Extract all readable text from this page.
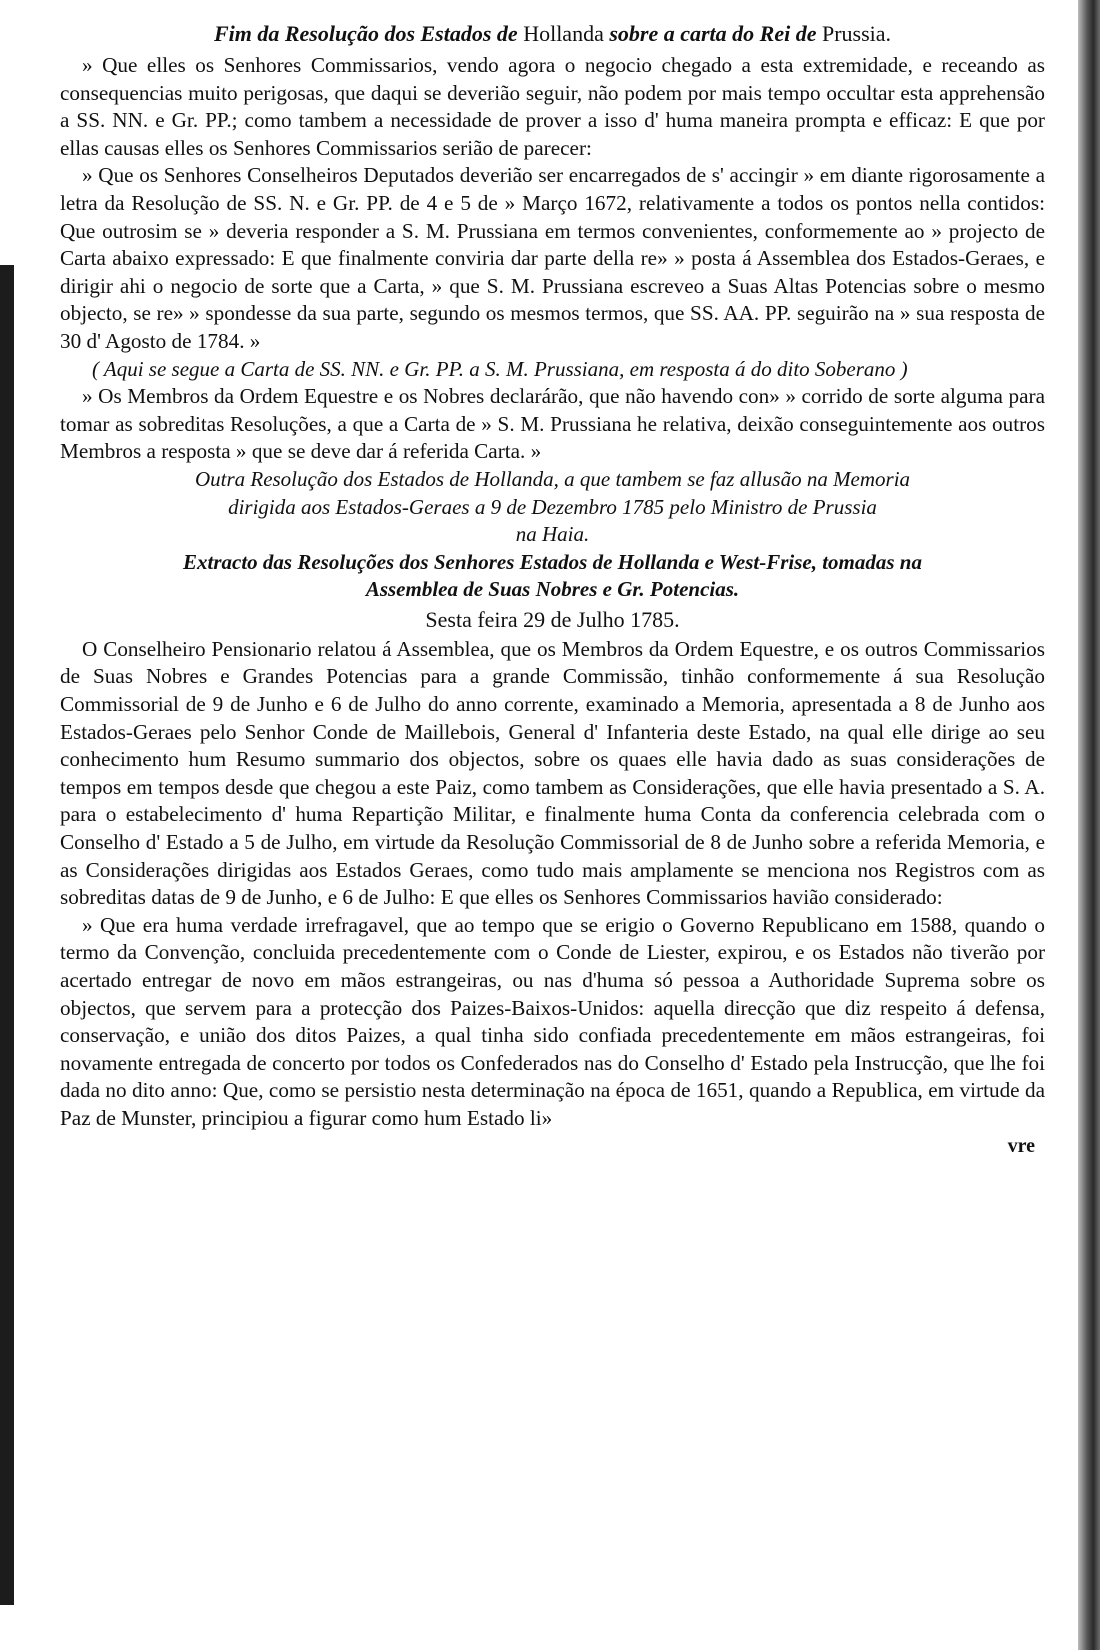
Fim da Resolução dos Estados de Hollanda sobre a carta do Rei de Prussia.

» Que elles os Senhores Commissarios, vendo agora o negocio chegado a esta extremidade, e receando as consequencias muito perigosas, que daqui se deverião seguir, não podem por mais tempo occultar esta apprehensão a SS. NN. e Gr. PP.; como tambem a necessidade de prover a isso d' huma maneira prompta e efficaz: E que por ellas causas elles os Senhores Commissarios serião de parecer:

» Que os Senhores Conselheiros Deputados deverião ser encarregados de s' accingir » em diante rigorosamente a letra da Resolução de SS. N. e Gr. PP. de 4 e 5 de » Março 1672, relativamente a todos os pontos nella contidos: Que outrosim se » deveria responder a S. M. Prussiana em termos convenientes, conformemente ao » projecto de Carta abaixo expressado: E que finalmente conviria dar parte della re» » posta á Assemblea dos Estados-Geraes, e dirigir ahi o negocio de sorte que a Carta, » que S. M. Prussiana escreveo a Suas Altas Potencias sobre o mesmo objecto, se re» » spondesse da sua parte, segundo os mesmos termos, que SS. AA. PP. seguirão na » sua resposta de 30 d' Agosto de 1784. »

( Aqui se segue a Carta de SS. NN. e Gr. PP. a S. M. Prussiana, em resposta á do dito Soberano )

» Os Membros da Ordem Equestre e os Nobres declarárão, que não havendo con» » corrido de sorte alguma para tomar as sobreditas Resoluções, a que a Carta de » S. M. Prussiana he relativa, deixão conseguintemente aos outros Membros a resposta » que se deve dar á referida Carta. »

Outra Resolução dos Estados de Hollanda, a que tambem se faz allusão na Memoria
dirigida aos Estados-Geraes a 9 de Dezembro 1785 pelo Ministro de Prussia
na Haia.
Extracto das Resoluções dos Senhores Estados de Hollanda e West-Frise, tomadas na
Assemblea de Suas Nobres e Gr. Potencias.
Sesta feira 29 de Julho 1785.

O Conselheiro Pensionario relatou á Assemblea, que os Membros da Ordem Equestre, e os outros Commissarios de Suas Nobres e Grandes Potencias para a grande Commissão, tinhão conformemente á sua Resolução Commissorial de 9 de Junho e 6 de Julho do anno corrente, examinado a Memoria, apresentada a 8 de Junho aos Estados-Geraes pelo Senhor Conde de Maillebois, General d' Infanteria deste Estado, na qual elle dirige ao seu conhecimento hum Resumo summario dos objectos, sobre os quaes elle havia dado as suas considerações de tempos em tempos desde que chegou a este Paiz, como tambem as Considerações, que elle havia presentado a S. A. para o estabelecimento d' huma Repartição Militar, e finalmente huma Conta da conferencia celebrada com o Conselho d' Estado a 5 de Julho, em virtude da Resolução Commissorial de 8 de Junho sobre a referida Memoria, e as Considerações dirigidas aos Estados Geraes, como tudo mais amplamente se menciona nos Registros com as sobreditas datas de 9 de Junho, e 6 de Julho: E que elles os Senhores Commissarios havião considerado:

» Que era huma verdade irrefragavel, que ao tempo que se erigio o Governo Republicano em 1588, quando o termo da Convenção, concluida precedentemente com o Conde de Liester, expirou, e os Estados não tiverão por acertado entregar de novo em mãos estrangeiras, ou nas d'huma só pessoa a Authoridade Suprema sobre os objectos, que servem para a protecção dos Paizes-Baixos-Unidos: aquella direcção que diz respeito á defensa, conservação, e união dos ditos Paizes, a qual tinha sido confiada precedentemente em mãos estrangeiras, foi novamente entregada de concerto por todos os Confederados nas do Conselho d' Estado pela Instrucção, que lhe foi dada no dito anno: Que, como se persistio nesta determinação na época de 1651, quando a Republica, em virtude da Paz de Munster, principiou a figurar como hum Estado li»

vre
